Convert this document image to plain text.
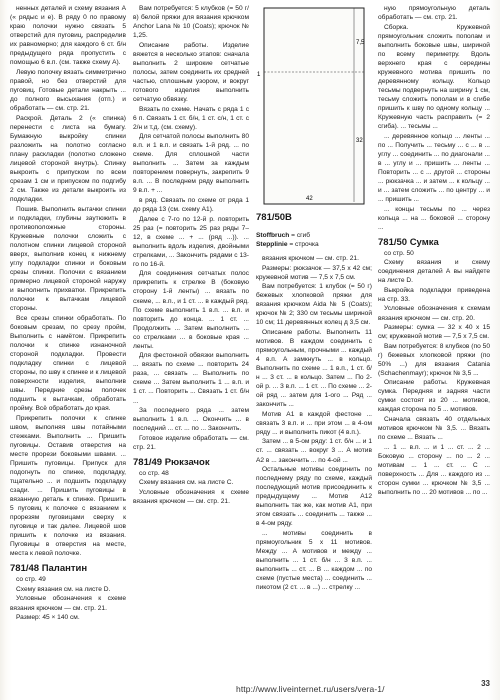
ненных деталей и схему вязания А (« рядыс и е). В ряду 0 по правому краю полочки нужно связать 5 отверстий для пуговиц, распределив их равномерно; для каждого 6 ст. б/н предыдущего ряда пропустить с помощью 6 в.п. (см. также схему А).

Левую полочку вязать симметрично правой, но без отверстий для пуговиц. Готовые детали накрыть ... до полного высыхания (отп.) и обработать — см. стр. 21.

Раскрой. Деталь 2 (« спинка) перенести с листа на бумагу. Бумажную выкройку спинки разложить на полотно согласно плану раскладки (полотно сложено лицевой стороной внутрь). Спинку выкроить с припуском по всем срезам 1 см и припуском по подгибу 2 см. Также из детали выкроить из подкладки.

Пошив. Выполнить вытачки спинки и подкладки, глубины заутюжить в противоположные стороны. Кружевные полочки сложить с полотном спинки лицевой стороной вверх, выполнив конец к нижнему углу подкладки спинки и боковым срезы спинки. Полочки с вязанием примерно лицевой стороной наружу и выполнить прихватки. Прикрепить полочки к вытачкам лицевой стороны.

Все срезы спинки обработать. По боковым срезам, по срезу пройм, Выполнить с намётом. Прикрепить полочки к спинке изнаночной стороной подкладки. Провести подкладку спинки с лицевой стороны, по шву к спинке и к лицевой поверхности изделия, выполнив швы. Передние срезы полочек подшить к вытачкам, обработать пройму. Всё обработать до края.

Прикрепить полочки к спинке швом, выполняя швы потайными стежками. Выполнить ... Пришить пуговицы. Оставив отверстия на месте прорези боковыми швами. ... Пришить пуговицы. Припуск для подогнуть по спинке, подкладку, тщательно ... и подшить подкладку сзади. ... Пришить пуговицы в вязанную деталь к спинке. Пришить 5 пуговиц к полочке с вязанием к прорезям пуговицами сверху к пуговице и так далее. Лицевой шов пришить к полочке из вязания. Пуговицы в отверстия на месте, места к левой полочке.

781/48 Палантин

со стр. 49

Схему вязания см. на листе D.

Условные обозначения к схеме вязания крючком — см. стр. 21.

Размер: 45 × 140 см.

Вам потребуется: 5 клубков (= 50 г/в) белой пряжи для вязания крючком Anchor Lana № 10 (Coats); крючок № 1,25.

Описание работы. Изделие вяжется в несколько этапов: сначала выполнить 2 широкие сетчатые полосы, затем соединить их средней частью, сплошным узором, и вокруг готового изделия выполнить сетчатую обвязку.

Вязать по схеме. Начать с ряда 1 с 6 п. Связать 1 ст. б/н, 1 ст. с/н, 1 ст. с 2/н и т.д. (см. схему).

Для сетчатой полосы выполнить 80 в.п. и 1 в.п. и связать 1-й ряд. ... по схеме. Для сплошной части выполнить ... Затем за каждым повторением повернуть, закрепить 9 в.п. ... В последнем ряду выполнить 9 в.п. + ...

в ряд. Связать по схеме от ряда 1 до ряда 13 (см. схему А1).

Далее с 7-го по 12-й р. повторить 25 раз (= повторить 25 раз ряды 7–12, в схеме ... + ... (ряд ...)). ... выполнить вдоль изделия, двойными стрелками, ... Закончить рядами с 13-го по 16-й.

Для соединения сетчатых полос прикрепить к стрелке В (боковую сторону 1-й ленты) ... вязать по схеме, ... в.п., и 1 ст. ... в каждый ряд. По схеме выполнить 1 в.п. ... в.п. и повторить до конца. ... 1 ст. ... Продолжить ... Затем выполнить ... со стрелками ... в боковые края ... ленты.

Для фестонной обвязки выполнить ... вязать по схеме ... повторить 24 раза, ... связать ... Выполнить по схеме ... Затем выполнить 1 ... в.п. и 1 ст. ... Повторить ... Связать 1 ст. б/н ...

За последнего ряда ... затем выполнить 1 в.п. ... Окончить ... в последний ... ст. ... по ... Закончить.

Готовое изделие обработать — см. стр. 21.

781/49 Рюкзачок

со стр. 48

Схему вязания см. на листе С.

Условные обозначения к схеме вязания крючком — см. стр. 21.

7,5
32
1
42
781/50В
Stoffbruch = сгиб
Stepplinie = строчка

вязания крючком — см. стр. 21.

Размеры: рюкзачок — 37,5 х 42 см; кружевной мотив — 7,5 х 7,5 см.

Вам потребуется: 1 клубок (= 50 г) бежевых хлопковой пряжи для вязания крючком Аida № 5 (Coats); крючок № 2; 330 см тесьмы шириной 10 см; 11 деревянных колец д 3,5 см.

Описание работы. Выполнить 11 мотивов. В каждом соединить с прямоугольным, прочными ... каждый 4 в.п. А замкнуть ... в кольцо. Выполнить по схеме ... 1 в.п., 1 ст. б/н ... 3 ст. ... в кольцо. Затем ... По 2-ой р. ... 3 в.п. ... 1 ст. ... По схеме ... 2-ой ряд ... затем для 1-ого ... Ряд ... закончить ...

Мотив А1 в каждой фестоне ... связать 3 в.п. и ... при этом ... в 4-ом ряду ... и выполнить пикот (4 в.п.).

Затем ... в 5-ом ряду: 1 ст. б/н ... и 1 ст. ... связать ... вокруг 3 ... А мотив А2 в ... закончить ... по 4-ой ...

Остальные мотивы соединить по последнему ряду по схеме, каждый последующий мотив присоединить к предыдущему ... Мотив А12 выполнить так же, как мотив А1, при этом связать ... соединить ... также ... в 4-ом ряду.

... мотивы соединить в прямоугольник 5 х 11 мотивов. Между ... А мотивов и между ... выполнить ... 1 ст. б/н ... 3 в.п. ... выполнить ... ст. ... В ... каждом ... по схеме (пустые места) ... соединить ... пикотом (2 ст. ... в ...) ... стрелку ...

ную прямоугольную деталь обработать — см. стр. 21.

Сборка. Кружевной прямоугольник сложить пополам и выполнить боковые швы, шириной по всему периметру. Вдоль верхнего края с середины кружевного мотива пришить по деревянному кольцу. Кольцо тесьмы подвернуть на ширину 1 см, тесьму сложить пополам и в сгибе пришить к шву по одному кольцу ... Кружевную часть расправить (= 2 сгиба). ... тесьмы ...

... деревянное кольцо ... ленты ... по ... Получить ... тесьму ... с ... в ... углу ... соединить ... по диагонали ... в ... углу и ... пришить ... ленты ... Повторить ... с ... другой ... стороны ... рюкзачка ... и затем ... к кольцу ... и ... затем сложить ... по центру ... и ... пришить ...

... концы тесьмы по ... через кольца ... на ... боковой ... сторону ...

781/50 Сумка

со стр. 50

Схему вязания и схему соединения деталей А вы найдете на листе D.

Выкройка подкладки приведена на стр. 33.

Условные обозначения к схемам вязания крючком — см. стр. 20.

Размеры: сумка — 32 х 40 х 15 см; кружевной мотив — 7,5 х 7,5 см.

Вам потребуется: 8 клубков (по 50 г) бежевых хлопковой пряжи (по 50% ...) для вязания Catania (Schachenmayr); крючок № 3,5 ...

Описание работы. Кружевная сумка. Передняя и задняя части сумки состоят из 20 ... мотивов, каждая сторона по 5 ... мотивов.

Сначала связать 40 отдельных мотивов крючком № 3,5. ... Вязать по схеме ... Вязать ...

... 1 ... в.п. ... и 1 ... ст. ... 2 ... Боковую ... сторону ... по ... 2 ... мотивам ... 1 ... ст. ... С ... поверхность ... Для ... каждого из ... сторон сумки ... крючком № 3,5 ... выполнить по ... 20 мотивов ... по ...

http://www.liveinternet.ru/users/vera-1/
33
